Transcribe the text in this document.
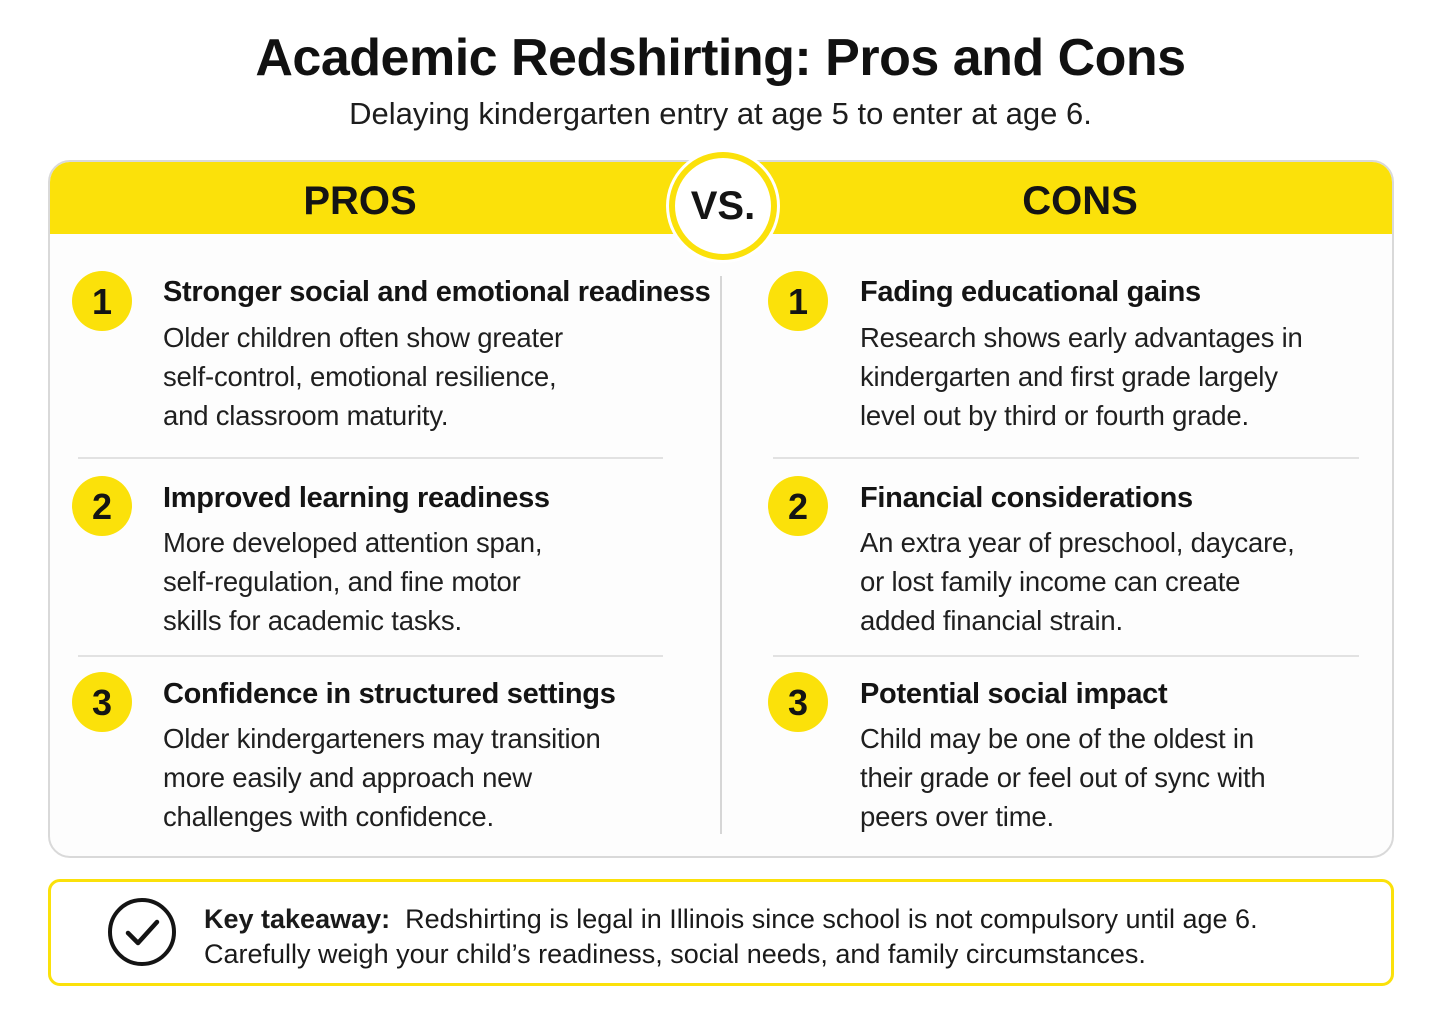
Academic Redshirting: Pros and Cons
Delaying kindergarten entry at age 5 to enter at age 6.
PROS	CONS
VS.
1	Stronger social and emotional readiness
Older children often show greater
self-control, emotional resilience,
and classroom maturity.
2	Improved learning readiness
More developed attention span,
self-regulation, and fine motor
skills for academic tasks.
3	Confidence in structured settings
Older kindergarteners may transition
more easily and approach new
challenges with confidence.
1	Fading educational gains
Research shows early advantages in
kindergarten and first grade largely
level out by third or fourth grade.
2	Financial considerations
An extra year of preschool, daycare,
or lost family income can create
added financial strain.
3	Potential social impact
Child may be one of the oldest in
their grade or feel out of sync with
peers over time.
Key takeaway: Redshirting is legal in Illinois since school is not compulsory until age 6.
Carefully weigh your child’s readiness, social needs, and family circumstances.
